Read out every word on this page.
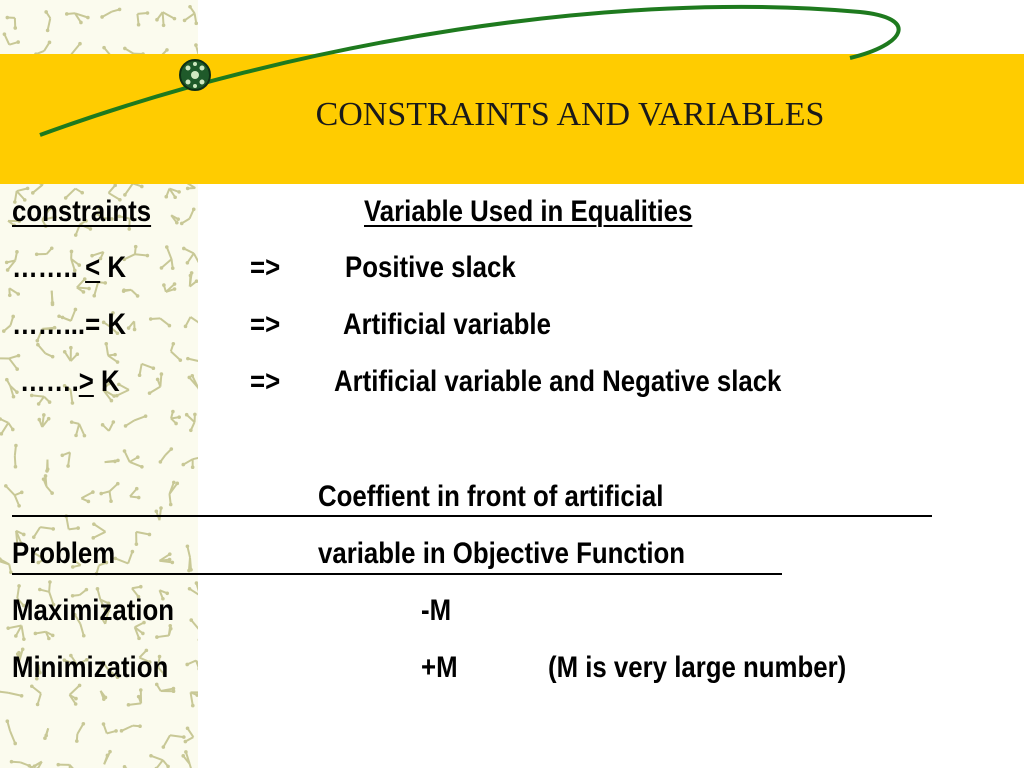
CONSTRAINTS AND VARIABLES
constraints	Variable Used in Equalities
…….. < K	=> Positive slack
……...= K	=> Artificial variable
…….> K	=> Artificial variable and Negative slack
Coeffient in front of artificial
Problem	variable in Objective Function
Maximization	-M
Minimization	+M	(M is very large number)
